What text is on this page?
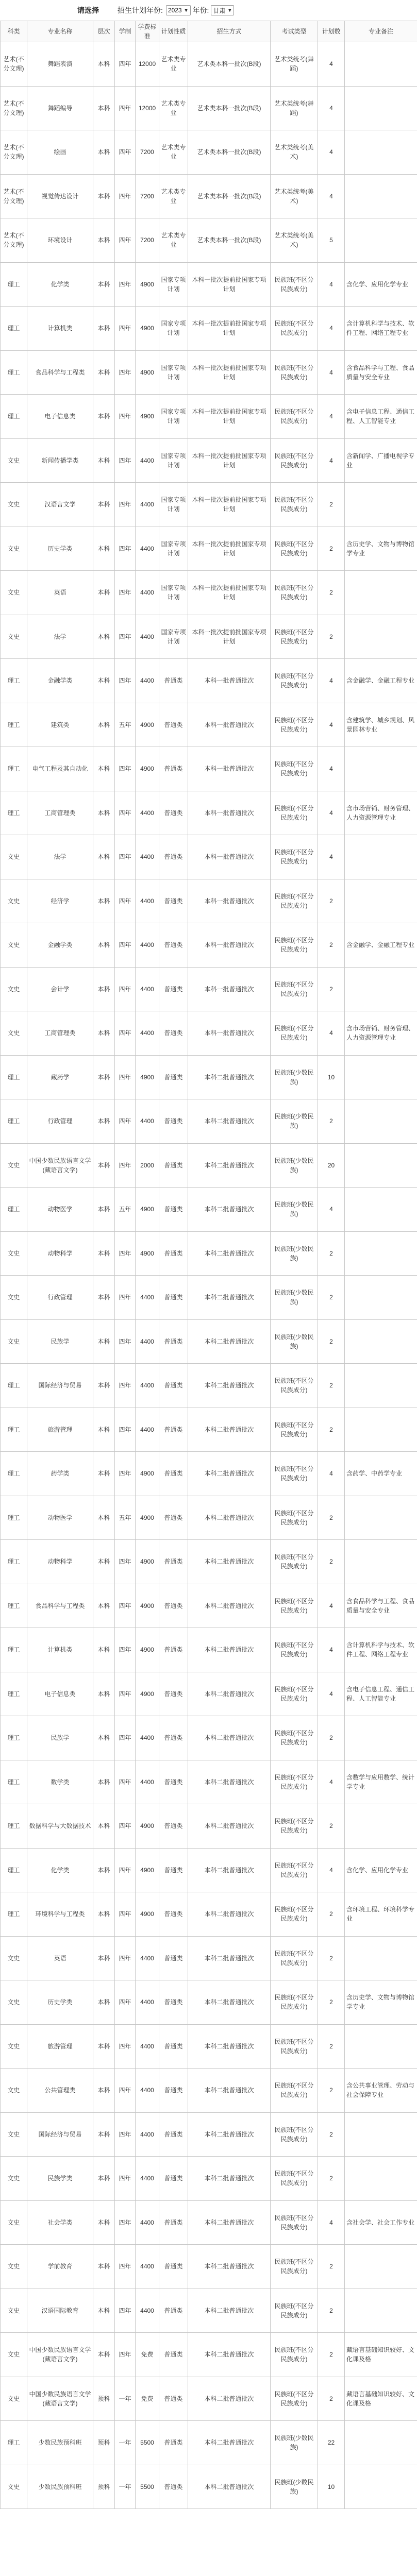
请选择	招生计划年份: 2023 ▼ 年份: 甘肃 ▼
科类	专业名称	层次	学制	学费标准	计划性质	招生方式	考试类型	计划数	专业备注
艺术(不分文理)	舞蹈表演	本科	四年	12000	艺术类专业	艺术类本科一批次(B段)	艺术类统考(舞蹈)	4	
艺术(不分文理)	舞蹈编导	本科	四年	12000	艺术类专业	艺术类本科一批次(B段)	艺术类统考(舞蹈)	4	
艺术(不分文理)	绘画	本科	四年	7200	艺术类专业	艺术类本科一批次(B段)	艺术类统考(美术)	4	
艺术(不分文理)	视觉传达设计	本科	四年	7200	艺术类专业	艺术类本科一批次(B段)	艺术类统考(美术)	4	
艺术(不分文理)	环境设计	本科	四年	7200	艺术类专业	艺术类本科一批次(B段)	艺术类统考(美术)	5	
理工	化学类	本科	四年	4900	国家专项计划	本科一批次提前批国家专项计划	民族班(不区分民族成分)	4	含化学、应用化学专业
理工	计算机类	本科	四年	4900	国家专项计划	本科一批次提前批国家专项计划	民族班(不区分民族成分)	4	含计算机科学与技术、软件工程、网络工程专业
理工	食品科学与工程类	本科	四年	4900	国家专项计划	本科一批次提前批国家专项计划	民族班(不区分民族成分)	4	含食品科学与工程、食品质量与安全专业
理工	电子信息类	本科	四年	4900	国家专项计划	本科一批次提前批国家专项计划	民族班(不区分民族成分)	4	含电子信息工程、通信工程、人工智能专业
文史	新闻传播学类	本科	四年	4400	国家专项计划	本科一批次提前批国家专项计划	民族班(不区分民族成分)	4	含新闻学、广播电视学专业
文史	汉语言文学	本科	四年	4400	国家专项计划	本科一批次提前批国家专项计划	民族班(不区分民族成分)	2	
文史	历史学类	本科	四年	4400	国家专项计划	本科一批次提前批国家专项计划	民族班(不区分民族成分)	2	含历史学、文物与博物馆学专业
文史	英语	本科	四年	4400	国家专项计划	本科一批次提前批国家专项计划	民族班(不区分民族成分)	2	
文史	法学	本科	四年	4400	国家专项计划	本科一批次提前批国家专项计划	民族班(不区分民族成分)	2	
理工	金融学类	本科	四年	4400	普通类	本科一批普通批次	民族班(不区分民族成分)	4	含金融学、金融工程专业
理工	建筑类	本科	五年	4900	普通类	本科一批普通批次	民族班(不区分民族成分)	4	含建筑学、城乡规划、风景园林专业
理工	电气工程及其自动化	本科	四年	4900	普通类	本科一批普通批次	民族班(不区分民族成分)	4	
理工	工商管理类	本科	四年	4400	普通类	本科一批普通批次	民族班(不区分民族成分)	4	含市场营销、财务管理、人力资源管理专业
文史	法学	本科	四年	4400	普通类	本科一批普通批次	民族班(不区分民族成分)	4	
文史	经济学	本科	四年	4400	普通类	本科一批普通批次	民族班(不区分民族成分)	2	
文史	金融学类	本科	四年	4400	普通类	本科一批普通批次	民族班(不区分民族成分)	2	含金融学、金融工程专业
文史	会计学	本科	四年	4400	普通类	本科一批普通批次	民族班(不区分民族成分)	2	
文史	工商管理类	本科	四年	4400	普通类	本科一批普通批次	民族班(不区分民族成分)	4	含市场营销、财务管理、人力资源管理专业
理工	藏药学	本科	四年	4900	普通类	本科二批普通批次	民族班(少数民族)	10	
理工	行政管理	本科	四年	4400	普通类	本科二批普通批次	民族班(少数民族)	2	
文史	中国少数民族语言文学(藏语言文学)	本科	四年	2000	普通类	本科二批普通批次	民族班(少数民族)	20	
理工	动物医学	本科	五年	4900	普通类	本科二批普通批次	民族班(少数民族)	4	
文史	动物科学	本科	四年	4900	普通类	本科二批普通批次	民族班(少数民族)	2	
文史	行政管理	本科	四年	4400	普通类	本科二批普通批次	民族班(少数民族)	2	
文史	民族学	本科	四年	4400	普通类	本科二批普通批次	民族班(少数民族)	2	
理工	国际经济与贸易	本科	四年	4400	普通类	本科二批普通批次	民族班(不区分民族成分)	2	
理工	旅游管理	本科	四年	4400	普通类	本科二批普通批次	民族班(不区分民族成分)	2	
理工	药学类	本科	四年	4900	普通类	本科二批普通批次	民族班(不区分民族成分)	4	含药学、中药学专业
理工	动物医学	本科	五年	4900	普通类	本科二批普通批次	民族班(不区分民族成分)	2	
理工	动物科学	本科	四年	4900	普通类	本科二批普通批次	民族班(不区分民族成分)	2	
理工	食品科学与工程类	本科	四年	4900	普通类	本科二批普通批次	民族班(不区分民族成分)	4	含食品科学与工程、食品质量与安全专业
理工	计算机类	本科	四年	4900	普通类	本科二批普通批次	民族班(不区分民族成分)	4	含计算机科学与技术、软件工程、网络工程专业
理工	电子信息类	本科	四年	4900	普通类	本科二批普通批次	民族班(不区分民族成分)	4	含电子信息工程、通信工程、人工智能专业
理工	民族学	本科	四年	4400	普通类	本科二批普通批次	民族班(不区分民族成分)	2	
理工	数学类	本科	四年	4400	普通类	本科二批普通批次	民族班(不区分民族成分)	4	含数学与应用数学、统计学专业
理工	数据科学与大数据技术	本科	四年	4900	普通类	本科二批普通批次	民族班(不区分民族成分)	2	
理工	化学类	本科	四年	4900	普通类	本科二批普通批次	民族班(不区分民族成分)	4	含化学、应用化学专业
理工	环境科学与工程类	本科	四年	4900	普通类	本科二批普通批次	民族班(不区分民族成分)	2	含环境工程、环境科学专业
文史	英语	本科	四年	4400	普通类	本科二批普通批次	民族班(不区分民族成分)	2	
文史	历史学类	本科	四年	4400	普通类	本科二批普通批次	民族班(不区分民族成分)	2	含历史学、文物与博物馆学专业
文史	旅游管理	本科	四年	4400	普通类	本科二批普通批次	民族班(不区分民族成分)	2	
文史	公共管理类	本科	四年	4400	普通类	本科二批普通批次	民族班(不区分民族成分)	2	含公共事业管理、劳动与社会保障专业
文史	国际经济与贸易	本科	四年	4400	普通类	本科二批普通批次	民族班(不区分民族成分)	2	
文史	民族学类	本科	四年	4400	普通类	本科二批普通批次	民族班(不区分民族成分)	2	
文史	社会学类	本科	四年	4400	普通类	本科二批普通批次	民族班(不区分民族成分)	4	含社会学、社会工作专业
文史	学前教育	本科	四年	4400	普通类	本科二批普通批次	民族班(不区分民族成分)	2	
文史	汉语国际教育	本科	四年	4400	普通类	本科二批普通批次	民族班(不区分民族成分)	2	
文史	中国少数民族语言文学(藏语言文学)	本科	四年	免费	普通类	本科二批普通批次	民族班(不区分民族成分)	2	藏语言基础知识较好、文化课及格
文史	中国少数民族语言文学(藏语言文学)	预科	一年	免费	普通类	本科二批普通批次	民族班(不区分民族成分)	2	藏语言基础知识较好、文化课及格
理工	少数民族预科班	预科	一年	5500	普通类	本科二批普通批次	民族班(少数民族)	22	
文史	少数民族预科班	预科	一年	5500	普通类	本科二批普通批次	民族班(少数民族)	10	
